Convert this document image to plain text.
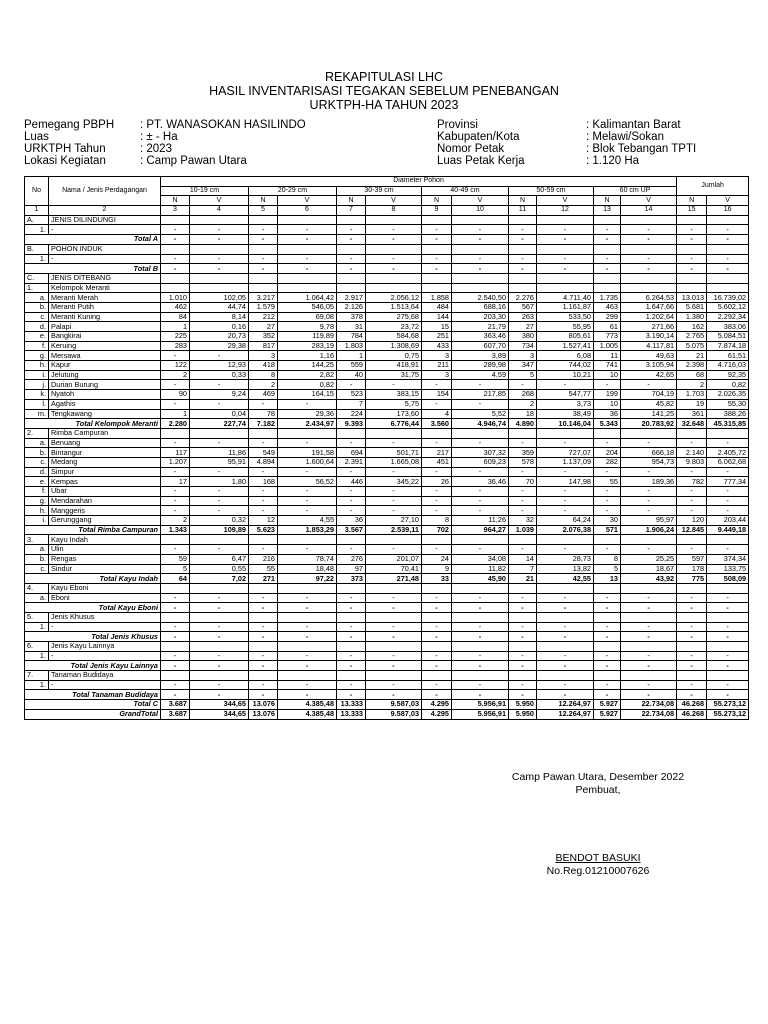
REKAPITULASI LHC
HASIL INVENTARISASI TEGAKAN SEBELUM PENEBANGAN
URKTPH-HA TAHUN 2023
Pemegang PBPH : PT. WANASOKAN HASILINDO
Luas	: ± - Ha
URKTPH Tahun	: 2023
Lokasi Kegiatan	: Camp Pawan Utara
Provinsi	: Kalimantan Barat
Kabupaten/Kota	: Melawi/Sokan
Nomor Petak	: Blok Tebangan TPTI
Luas Petak Kerja	: 1.120 Ha
No	Nama / Jenis Perdagangan	Diameter Pohon												Jumlah	
		10-19 cm		20-29 cm		30-39 cm		40-49 cm		50-59 cm		60 cm UP			
		N	V	N	V	N	V	N	V	N	V	N	V	N	V
1	2	3	4	5	6	7	8	9	10	11	12	13	14	15	16
A.	JENIS DILINDUNGI														
1.	-	-	-	-	-	-	-	-	-	-	-	-	-	-	-
Total A		-	-	-	-	-	-	-	-	-	-	-	-	-	-
B.	POHON INDUK														
1.	-	-	-	-	-	-	-	-	-	-	-	-	-	-	-
Total B		-	-	-	-	-	-	-	-	-	-	-	-	-	-
C.	JENIS DITEBANG														
1.	Kelompok Meranti														
a.	Meranti Merah	1.010	102,05	3.217	1.064,42	2.917	2.056,12	1.858	2.540,50	2.276	4.711,40	1.735	6.264,53	13.013	16.739,02
b.	Meranti Putih	462	44,74	1.579	546,05	2.126	1.513,64	484	688,16	567	1.161,87	463	1.647,66	5.681	5.602,12
c.	Meranti Kuning	84	8,14	212	69,08	378	275,68	144	203,30	263	533,50	299	1.202,64	1.380	2.292,34
d.	Palapi	1	0,16	27	9,78	31	23,72	15	21,79	27	55,95	61	271,66	162	383,06
e.	Bangkirai	225	20,73	352	119,89	784	584,68	251	363,46	380	805,61	773	3.190,14	2.765	5.084,51
f.	Keruing	283	29,38	817	283,19	1.803	1.308,69	433	607,70	734	1.527,41	1.005	4.117,81	5.075	7.874,18
g.	Mersawa	-	-	3	1,16	1	0,75	3	3,89	3	6,08	11	49,63	21	61,51
h.	Kapur	122	12,93	418	144,25	559	418,91	211	289,98	347	744,02	741	3.105,94	2.398	4.716,03
i.	Jelutung	2	0,33	8	2,82	40	31,75	3	4,59	5	10,21	10	42,65	68	92,35
j.	Durian Burung	-	-	2	0,82	-	-	-	-	-	-	-	-	2	0,82
k.	Nyatoh	90	9,24	469	164,15	523	383,15	154	217,85	268	547,77	199	704,19	1.703	2.026,35
l.	Agathis	-	-	-	-	7	5,75	-	-	2	3,73	10	45,82	19	55,30
m.	Tengkawang	1	0,04	78	29,36	224	173,60	4	5,52	18	38,49	36	141,25	361	388,26
Total Kelompok Meranti		2.280	227,74	7.182	2.434,97	9.393	6.776,44	3.560	4.946,74	4.890	10.146,04	5.343	20.783,92	32.648	45.315,85
2.	Rimba Campuran														
a.	Benuang	-	-	-	-	-	-	-	-	-	-	-	-	-	-
b.	Bintangur	117	11,86	549	191,58	694	501,71	217	307,32	359	727,07	204	666,18	2.140	2.405,72
c.	Medang	1.207	95,91	4.894	1.600,64	2.391	1.665,08	451	609,23	578	1.137,09	282	954,73	9.803	6.062,68
d.	Simpur	-	-	-	-	-	-	-	-	-	-	-	-	-	-
e.	Kempas	17	1,80	168	56,52	446	345,22	26	36,46	70	147,98	55	189,36	782	777,34
f.	Ubar	-	-	-	-	-	-	-	-	-	-	-	-	-	-
g.	Mendarahan	-	-	-	-	-	-	-	-	-	-	-	-	-	-
h.	Manggeris	-	-	-	-	-	-	-	-	-	-	-	-	-	-
i.	Gerunggang	2	0,32	12	4,55	36	27,10	8	11,26	32	64,24	30	95,97	120	203,44
Total Rimba Campuran		1.343	109,89	5.623	1.853,29	3.567	2.539,11	702	964,27	1.039	2.076,38	571	1.906,24	12.845	9.449,18
3.	Kayu Indah														
a.	Ulin	-	-	-	-	-	-	-	-	-	-	-	-	-	-
b.	Rengas	59	6,47	216	78,74	276	201,07	24	34,08	14	28,73	8	25,25	597	374,34
c.	Sindur	5	0,55	55	18,48	97	70,41	9	11,82	7	13,82	5	18,67	178	133,75
Total Kayu Indah		64	7,02	271	97,22	373	271,48	33	45,90	21	42,55	13	43,92	775	508,09
4.	Kayu Eboni														
a.	Eboni	-	-	-	-	-	-	-	-	-	-	-	-	-	-
Total Kayu Eboni		-	-	-	-	-	-	-	-	-	-	-	-	-	-
5.	Jenis Khusus														
1.	-	-	-	-	-	-	-	-	-	-	-	-	-	-	-
Total Jenis Khusus		-	-	-	-	-	-	-	-	-	-	-	-	-	-
6.	Jenis Kayu Lainnya														
1.	-	-	-	-	-	-	-	-	-	-	-	-	-	-	-
Total Jenis Kayu Lainnya		-	-	-	-	-	-	-	-	-	-	-	-	-	-
7.	Tanaman Budidaya														
1.	-	-	-	-	-	-	-	-	-	-	-	-	-	-	-
Total Tanaman Budidaya		-	-	-	-	-	-	-	-	-	-	-	-	-	-
Total C		3.687	344,65	13.076	4.385,48	13.333	9.587,03	4.295	5.956,91	5.950	12.264,97	5.927	22.734,08	46.268	55.273,12
GrandTotal		3.687	344,65	13.076	4.385,48	13.333	9.587,03	4.295	5.956,91	5.950	12.264,97	5.927	22.734,08	46.268	55.273,12
Camp Pawan Utara, Desember 2022
Pembuat,
BENDOT BASUKI
No.Reg.01210007626
